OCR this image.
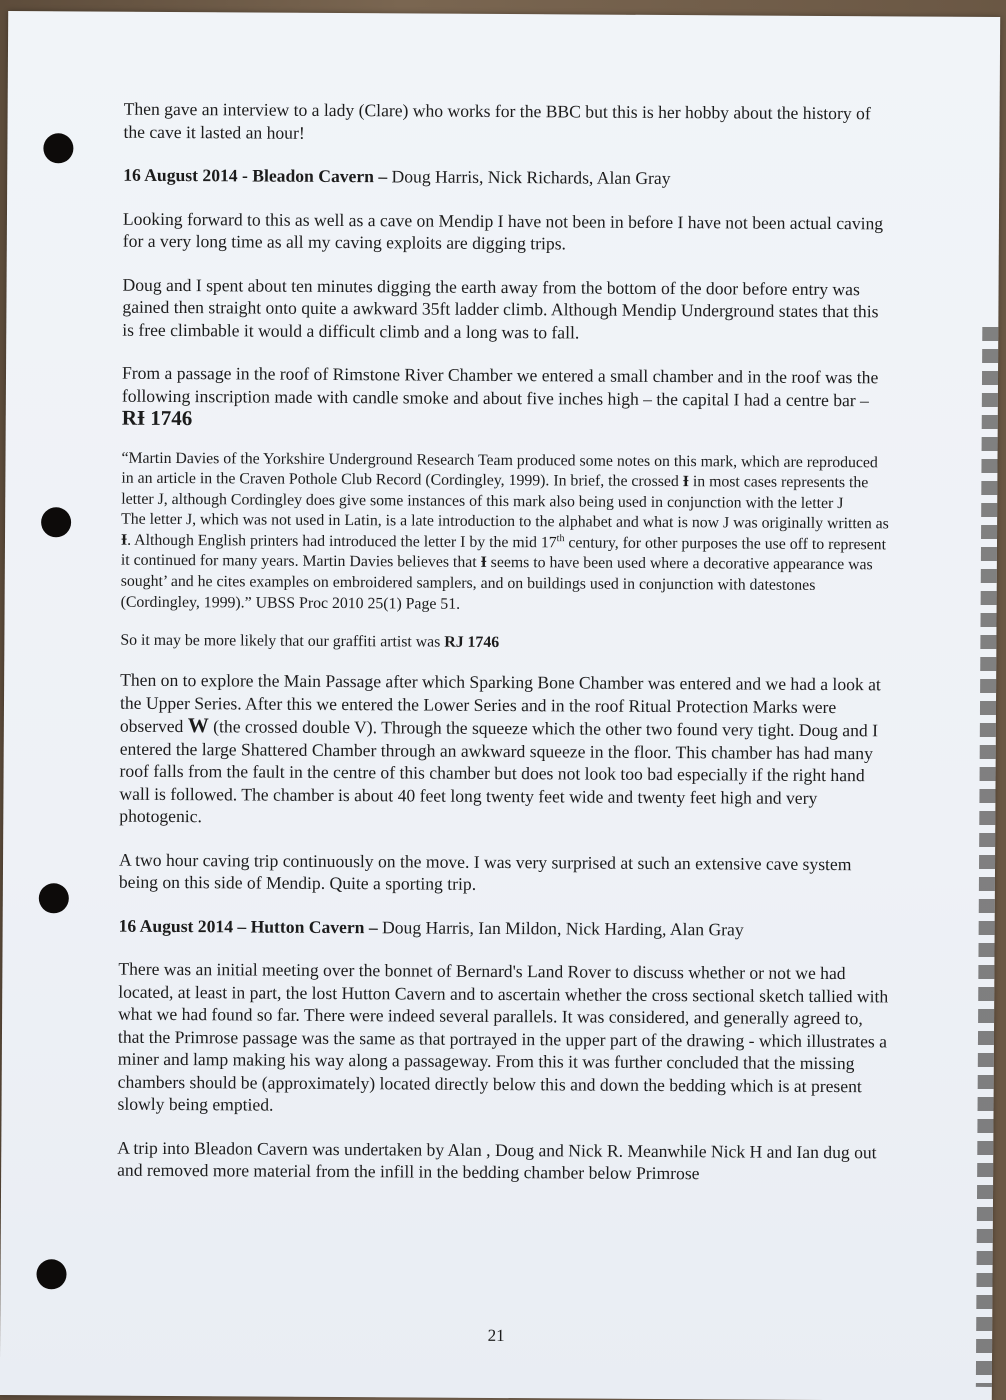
Then gave an interview to a lady (Clare) who works for the BBC but this is her hobby about the history of the cave it lasted an hour!

16 August 2014 - Bleadon Cavern – Doug Harris, Nick Richards, Alan Gray

Looking forward to this as well as a cave on Mendip I have not been in before I have not been actual caving for a very long time as all my caving exploits are digging trips.

Doug and I spent about ten minutes digging the earth away from the bottom of the door before entry was gained then straight onto quite a awkward 35ft ladder climb. Although Mendip Underground states that this is free climbable it would a difficult climb and a long was to fall.

From a passage in the roof of Rimstone River Chamber we entered a small chamber and in the roof was the following inscription made with candle smoke and about five inches high – the capital I had a centre bar – RƗ 1746

“Martin Davies of the Yorkshire Underground Research Team produced some notes on this mark, which are reproduced in an article in the Craven Pothole Club Record (Cordingley, 1999). In brief, the crossed Ɨ in most cases represents the letter J, although Cordingley does give some instances of this mark also being used in conjunction with the letter J

The letter J, which was not used in Latin, is a late introduction to the alphabet and what is now J was originally written as Ɨ. Although English printers had introduced the letter I by the mid 17th century, for other purposes the use off to represent it continued for many years. Martin Davies believes that Ɨ seems to have been used where a decorative appearance was sought’ and he cites examples on embroidered samplers, and on buildings used in conjunction with datestones (Cordingley, 1999).” UBSS Proc 2010 25(1) Page 51.

So it may be more likely that our graffiti artist was RJ 1746

Then on to explore the Main Passage after which Sparking Bone Chamber was entered and we had a look at the Upper Series. After this we entered the Lower Series and in the roof Ritual Protection Marks were observed W (the crossed double V). Through the squeeze which the other two found very tight. Doug and I entered the large Shattered Chamber through an awkward squeeze in the floor. This chamber has had many roof falls from the fault in the centre of this chamber but does not look too bad especially if the right hand wall is followed. The chamber is about 40 feet long twenty feet wide and twenty feet high and very photogenic.

A two hour caving trip continuously on the move. I was very surprised at such an extensive cave system being on this side of Mendip. Quite a sporting trip.

16 August 2014 – Hutton Cavern – Doug Harris, Ian Mildon, Nick Harding, Alan Gray

There was an initial meeting over the bonnet of Bernard's Land Rover to discuss whether or not we had located, at least in part, the lost Hutton Cavern and to ascertain whether the cross sectional sketch tallied with what we had found so far. There were indeed several parallels. It was considered, and generally agreed to, that the Primrose passage was the same as that portrayed in the upper part of the drawing - which illustrates a miner and lamp making his way along a passageway. From this it was further concluded that the missing chambers should be (approximately) located directly below this and down the bedding which is at present slowly being emptied.

A trip into Bleadon Cavern was undertaken by Alan , Doug and Nick R. Meanwhile Nick H and Ian dug out and removed more material from the infill in the bedding chamber below Primrose

21
